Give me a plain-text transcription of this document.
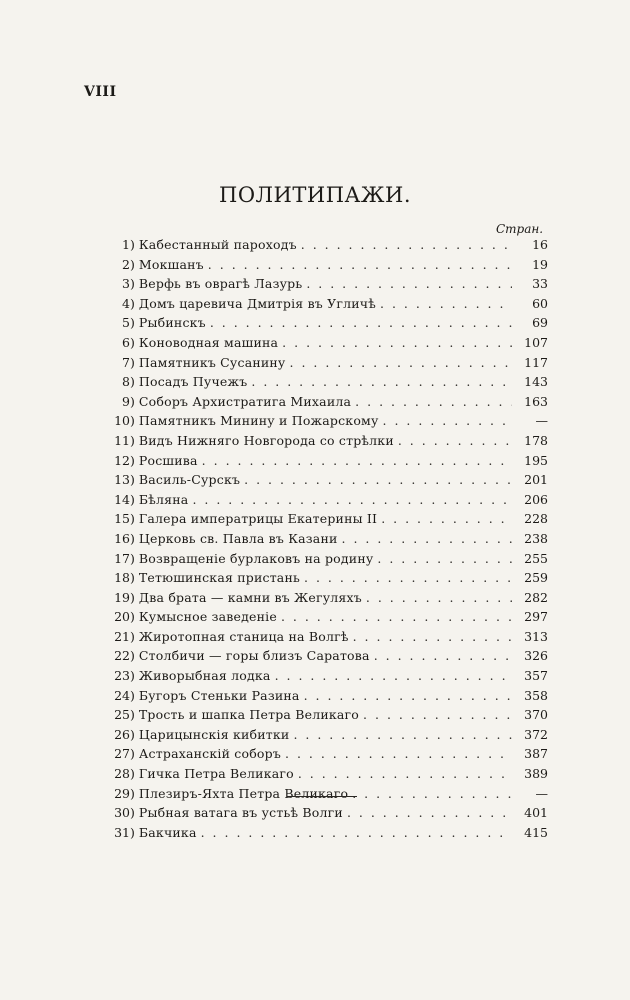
VIII
ПОЛИТИПАЖИ.
Стран.
1 ) Кабестанный пароходъ . . .	16
2 ) Мокшанъ . . .	19
3 ) Верфь въ оврагѣ Лазурь . . .	33
4 ) Домъ царевича Дмитрія въ Угличѣ . . .	60
5 ) Рыбинскъ . . .	69
6 ) Коноводная машина . . .	107
7 ) Памятникъ Сусанину . . .	117
8 ) Посадъ Пучежъ . . .	143
9 ) Соборъ Архистратига Михаила . . .	163
10 ) Памятникъ Минину и Пожарскому . . .	—
11 ) Видъ Нижняго Новгорода со стрѣлки . . .	178
12 ) Росшива . . .	195
13 ) Василь-Сурскъ . . .	201
14 ) Бѣляна . . .	206
15 ) Галера императрицы Екатерины II . . .	228
16 ) Церковь св. Павла въ Казани . . .	238
17 ) Возвращеніе бурлаковъ на родину . . .	255
18 ) Тетюшинская пристань . . .	259
19 ) Два брата — камни въ Жегуляхъ . . .	282
20 ) Кумысное заведеніе . . .	297
21 ) Жиротопная станица на Волгѣ . . .	313
22 ) Столбичи — горы близъ Саратова . . .	326
23 ) Живорыбная лодка . . .	357
24 ) Бугоръ Стеньки Разина . . .	358
25 ) Трость и шапка Петра Великаго . . .	370
26 ) Царицынскія кибитки . . .	372
27 ) Астраханскій соборъ . . .	387
28 ) Гичка Петра Великаго . . .	389
29 ) Плезиръ-Яхта Петра Великаго . . .	—
30 ) Рыбная ватага въ устьѣ Волги . . .	401
31 ) Бакчика . . .	415
